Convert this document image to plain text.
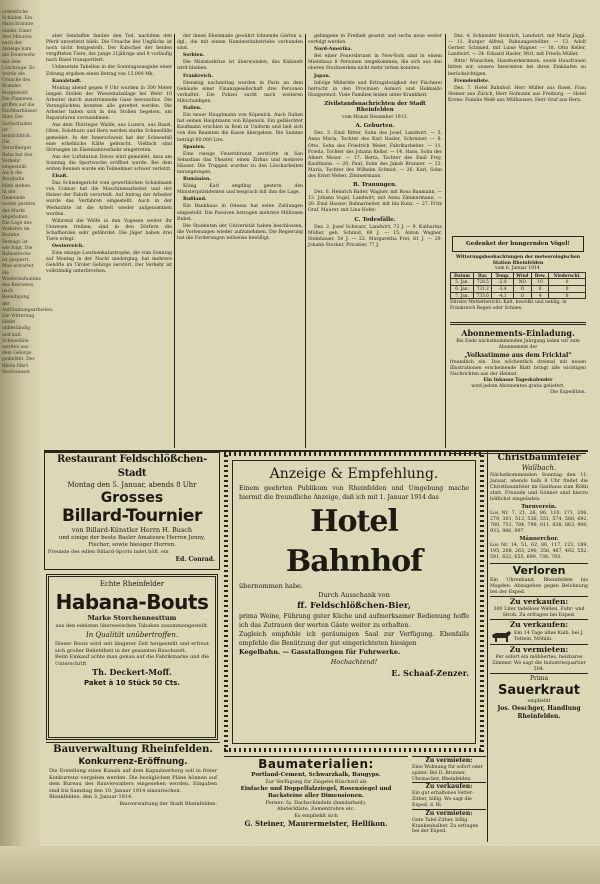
ordentliche Schäden. Ein Haus brannte nieder. Einer drei Minuten nach der Anzeige kam die Feuerwehr mit dem Löschzuge. Es wurde die Ursache des Brandes festgestellt. Die Flammen griffen auf die Nachbarhäuser über. Der Sachschaden ist beträchtlich. Die Vorarlberger Bahn hat den Verkehr eingestellt. Auch die Bergbahn blieb stehen. In der Gemeinde wurde gestern der Markt abgehalten. Die Lage des Verkehrs im Bezirke Vernago ist wie folgt. Die Bahnstrecke ist gesperrt. Man erwartet die Wiederaufnahme des Betriebes nach Beendigung der Aufräumungsarbeiten. Die Witterung bleibt unbeständig und kalt. Schneefälle werden aus dem Gebirge gemeldet. Der Rhein führt Hochwasser.

aber Sendaffen fanden den Tod, nachdem den Pferd unverletzt blieb. Die Ursache des Unglücks ist noch nicht festgestellt. Der Kutscher der beiden vergifteten Tiere, der junge 21jährige und 8 vorläufig nach Basel transportiert.

Unbesetzte Tabellen in der Sonntagsausgabe einer Zeitung ergaben einen Betrag von 15.000 Mk.

Kanalstadt.

Montag abend gegen 9 Uhr wurden in 300 Meter langen Stollen der Wiesentalanlage bei Wehr 10 Arbeiter durch ausströmende Gase bewusstlos. Die Verunglückten konnten alle gerettet werden. Die Arbeiter haben sich in den Stollen begeben, um Reparaturen vorzunehmen.

Aus dem Thüringer Walde, aus Luzern, aus Basel, Olten, Solothurn und Bern werden starke Schneefälle gemeldet. In der Innerschweiz hat der Schneefall eine erhebliche Kälte gebracht. Vielfach sind Störungen im Eisenbahnverkehr eingetreten.

Aus der Luftstation Davos wird gemeldet, dass am Sonntag die Sportwoche eröffnet wurde. Bei dem ersten Rennen wurde ein Teilnehmer schwer verletzt.

Elsaß.

Das Schiedsgericht vom gewerblichen Schiedsamt von Colmar hat die Maschinenarbeiter und der Heizer der Fabrik verurteilt. Auf Antrag der Arbeiter wurde das Verfahren eingestellt. Auch in der Werkstätte ist die Arbeit wieder aufgenommen worden.

Während die Wölfe in den Vogesen weiter ihr Unwesen treiben, sind in den Dörfern die Schafherden sehr gefährdet. Die Jäger haben drei Tiere erlegt.

Oesterreich.

Eine einzige Lawinenkatastrophe, die vom Sonntag auf Montag in der Nacht niederging, hat mehrere Gehöfte im Tiroler Gebirge zerstört. Der Verkehr ist vollständig unterbrochen.

der ihnen Ebenmaße gewährt lohnende Gärten u. dgl., die mit einem Handwerksbetriebe verbunden sind.

Serbien.

Die Ministerkrise ist überwunden, das Kabinett wird bleiben.

Frankreich.

Dienstag nachmittag wurden in Paris an dem Gebäude einer Finanzgesellschaft drei Personen verhaftet. Die Polizei sucht nach weiteren Mitschuldigen.

Italien.

Ein neuer Hauptmann von Köpenick. Auch Italien hat seinen Hauptmann von Köpenick. Ein gefälschter Kaufmann erschien in Rom in Uniform und ließ sich von den Beamten die Kasse übergeben. Die Summe beträgt 60.000 Lire.

Spanien.

Eine riesige Feuersbrunst zerstörte in San Sebastian das Theater, einen Zirkus und mehrere Häuser. Die Truppen wurden zu den Löscharbeiten herangezogen.

Rumänien.

König Karl empfing gestern den Ministerpräsidenten und besprach mit ihm die Lage.

Rußland.

Ein Bankhaus in Odessa hat seine Zahlungen eingestellt. Die Passiven betragen mehrere Millionen Rubel.

Die Studenten der Universität haben beschlossen, die Vorlesungen wieder aufzunehmen. Die Regierung hat die Forderungen teilweise bewilligt.

gefangene in Freiheit gesetzt und sechs neue weiter verfolgt werden.

Nord-Amerika.

Bei einer Feuersbrunst in New-York sind in einem Mietshaus 8 Personen umgekommen, die sich aus den oberen Stockwerken nicht mehr retten konnten.

Japan.

Infolge Mißernte und Ertragslosigkeit der Fischerei herrscht in den Provinzen Aomori und Hokkaido Hungersnot. Viele Familien leiden unter Krankheit.

Zivilstandsnachrichten der Stadt Rheinfelden

vom Monat Dezember 1913.

A. Geburten.

Dez. 3. Emil Ritter, Sohn des Josef, Landwirt. — 5. Anna Maria, Tochter des Karl Hasler, Schreiner. — 8. Otto, Sohn des Friedrich Meier, Fabrikarbeiter. — 11. Frieda, Tochter des Johann Keller. — 14. Hans, Sohn des Albert Moser. — 17. Berta, Tochter des Emil Frey, Kaufmann. — 20. Paul, Sohn des Jakob Brunner. — 23. Maria, Tochter des Wilhelm Schmid. — 26. Karl, Sohn des Ernst Weber, Zimmermann.

B. Trauungen.

Dez. 6. Heinrich Bader, Wagner, mit Rosa Baumann. — 13. Johann Vogel, Landwirt, mit Anna Zimmermann. — 20. Emil Hauser, Bahnarbeiter, mit Ida Kunz. — 27. Fritz Graf, Maurer, mit Lina Hofer.

C. Todesfälle.

Dez. 2. Josef Schwarz, Landwirt, 72 J. — 9. Katharina Müller, geb. Schmid, 68 J. — 15. Anton Wagner, Steinhauer, 54 J. — 22. Margaretha Frei, 81 J. — 29. Johann Stocker, Privatier, 77 J.

Dez. 4. Schneider Heinrich, Landwirt, mit Maria Jäggi. — 11. Burger Alfred, Bahnangestellter. — 12. Adolf Gerber, Schmied, mit Luise Wagner. — 18. Otto Keller, Landwirt. — 24. Eduard Hasler, Wirt, mit Frieda Müller.

Bitte! Wünschen, Handwerkerinnen, sowie Hausfrauen bitten wir, unsere Inserenten bei ihren Einkäufen zu berücksichtigen.

Fremdenliste.

Dez. 7. Hotel Bahnhof: Herr Müller aus Basel, Frau Steiner aus Zürich, Herr Hofmann aus Freiburg. — Hotel Krone: Familie Weiß aus Mülhausen, Herr Graf aus Bern.

Gedenket der hungernden Vögel!
Witterungsbeobachtungen der meteorologischen Station Rheinfelden
vom 6. Januar 1914.
Datum	Bar.	Temp.	Wind	Bew.	Niederschl.
5. Jan.	728.5	-2.0	NO	10	0
6. Jan.	731.2	-3.4	O	8	0
7. Jan.	733.0	-4.1	O	4	0
Dürsler Wetterbericht: Kalt, bewölkt und neblig; in Frankreich Regen oder Schnee.
Abonnements-Einladung.
Bis Ende nächstkommenden Jahrgang laden wir zum Abonnement der
„Volksstimme aus dem Fricktal“
freundlich ein. Das wöchentlich dreimal mit neuen Illustrationen erscheinende Blatt bringt alle wichtigen Nachrichten aus der Heimat.
Ein Inkasso Tageskalender
wird jedem Abonnenten gratis geliefert.
Die Expedition.
Restaurant Feldschlößchen-Stadt
Montag den 5. Januar, abends 8 Uhr
Grosses
Billard-Tournier
von Billard-Künstler Herrn H. Busch
und einige der beste Basler Amateure Herren Jenny, Fischer, sowie hiesiger Herren.
Freunde des edlen Billard-Sports ladet höfl. ein
Ed. Conrad.
Echte Rheinfelder
Habana-Bouts
Marke Storchennesttum
aus den edelsten überseeischen Tabaken zusammengestellt.
In Qualität unübertroffen.
Dieser Bouts wird seit längerer Zeit hergestellt und erfreut sich großer Beliebtheit in der gesamten Rauchwelt.
Beim Einkauf achte man genau auf die Fabrikmarke und die Unterschrift
Th. Deckert-Moff.
Paket à 10 Stück 50 Cts.
Bauverwaltung Rheinfelden.
Konkurrenz-Eröffnung.
Die Erstellung eines Kanals auf dem Kapuzinerberg soll in freier Konkurrenz vergeben werden. Die bezüglichen Pläne können auf dem Bureau des Bauverwalters eingesehen werden. Eingaben sind bis Samstag den 10. Januar 1914 einzureichen.
Rheinfelden, den 3. Januar 1914.
Bauverwaltung der Stadt Rheinfelden.
Anzeige & Empfehlung.
Einem geehrten Publikum von Rheinfelden und Umgebung mache hiermit die freundliche Anzeige, daß ich mit 1. Januar 1914 das
Hotel Bahnhof
übernommen habe.
Durch Ausschank von
ff. Feldschlößchen-Bier,
prima Weine, Führung guter Küche und aufmerksamer Bedienung hoffe ich das Zutrauen der werten Gäste weiter zu erhalten.
Zugleich empfehle ich geräumigen Saal zur Verfügung. Ebenfalls empfehle die Benützung der gut eingerichteten hiesigen
Kegelbahn. — Gasstallungen für Fuhrwerke.
Hochachtend!
E. Schaaf-Zenzer.
Baumaterialien:
Portland-Cement, Schwarzkalk, Baugyps.
Zur Verfügung für Ziegelei Rüschwil als
Einfache und Doppelfalzziegel, Rosenziegel und
Backsteine aller Dimensionen.
Ferner: Ia. Dachschindeln (handarbeit).
Absteckliste, Zementrohre etc.
Es empfiehlt sich
G. Steiner, Maurermeister, Hellikon.
Zu vermieten:
Eine Wohnung für sofort oder später. Bei D. Brunner, Uhrmacher, Rheinfelden.
Zu verkaufen:
Ein gut erhaltenes Vetter-Zither, billig. Wo sagt die Exped. d. Bl.
Zu vermieten:
Gute Tafel-Zither, billig. Krankenhalber. Zu erfragen bei der Exped.
Christbaumfeier
Wallbach.
Nächstkommenden Sonntag den 11. Januar, abends halb 8 Uhr findet die Christbaumfeier im Gasthaus zum Rößli statt. Freunde und Gönner sind hierzu höflichst eingeladen.
Turnverein.
Los Nr. 7, 21, 26, 86, 110, 171, 206, 279, 301, 512, 536, 551, 574, 588, 692, 700, 751, 784, 799, 811, 838, 863, 900, 933, 986, 997.
Männerchor.
Los Nr. 14, 51, 62, 86, 117, 123, 189, 195, 208, 263, 290, 356, 487, 492, 552, 591, 622, 655, 699, 738, 783.
Verloren
Ein Uhrenband, Rheinfelden bis Magden. Abzugeben gegen Belohnung bei der Exped.
Zu verkaufen:
300 Liter tadellose Wellen, Fuhr- und Stroh. Zu erfragen bei Exped.
Zu verkaufen:
Ein 14 Tage altes Kalb, bei J. Tettein, Möhlin.
Zu vermieten:
Per sofort ein möbliertes, heizbares Zimmer. Wo sagt die Industriequartier 504.
Prima
Sauerkraut
empfiehlt
Jos. Oeschger, Handlung Rheinfelden.
